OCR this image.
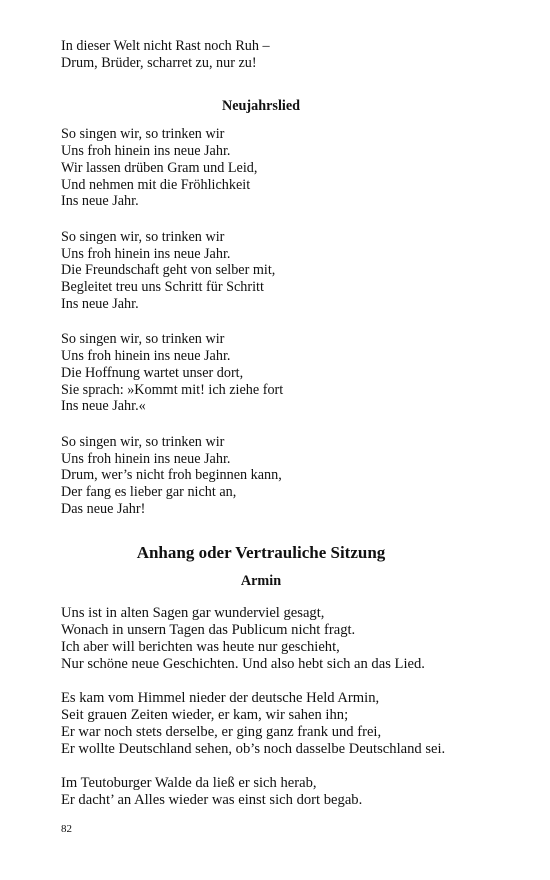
In dieser Welt nicht Rast noch Ruh –
Drum, Brüder, scharret zu, nur zu!
Neujahrslied
So singen wir, so trinken wir
Uns froh hinein ins neue Jahr.
Wir lassen drüben Gram und Leid,
Und nehmen mit die Fröhlichkeit
Ins neue Jahr.
So singen wir, so trinken wir
Uns froh hinein ins neue Jahr.
Die Freundschaft geht von selber mit,
Begleitet treu uns Schritt für Schritt
Ins neue Jahr.
So singen wir, so trinken wir
Uns froh hinein ins neue Jahr.
Die Hoffnung wartet unser dort,
Sie sprach: »Kommt mit! ich ziehe fort
Ins neue Jahr.«
So singen wir, so trinken wir
Uns froh hinein ins neue Jahr.
Drum, wer’s nicht froh beginnen kann,
Der fang es lieber gar nicht an,
Das neue Jahr!
Anhang oder Vertrauliche Sitzung
Armin
Uns ist in alten Sagen gar wunderviel gesagt,
Wonach in unsern Tagen das Publicum nicht fragt.
Ich aber will berichten was heute nur geschieht,
Nur schöne neue Geschichten. Und also hebt sich an das Lied.
Es kam vom Himmel nieder der deutsche Held Armin,
Seit grauen Zeiten wieder, er kam, wir sahen ihn;
Er war noch stets derselbe, er ging ganz frank und frei,
Er wollte Deutschland sehen, ob’s noch dasselbe Deutschland sei.
Im Teutoburger Walde da ließ er sich herab,
Er dacht’ an Alles wieder was einst sich dort begab.
82
